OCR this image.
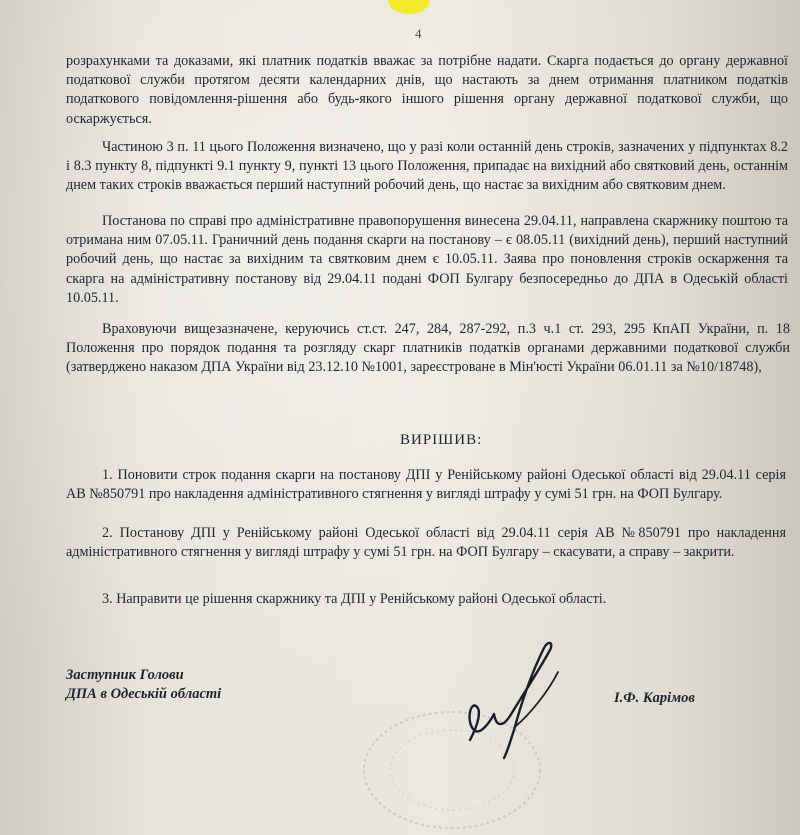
4

розрахунками та доказами, які платник податків вважає за потрібне надати. Скарга подається до органу державної податкової служби протягом десяти календарних днів, що настають за днем отримання платником податків податкового повідомлення-рішення або будь-якого іншого рішення органу державної податкової служби, що оскаржується.

Частиною 3 п. 11 цього Положення визначено, що у разі коли останній день строків, зазначених у підпунктах 8.2 і 8.3 пункту 8, підпункті 9.1 пункту 9, пункті 13 цього Положення, припадає на вихідний або святковий день, останнім днем таких строків вважається перший наступний робочий день, що настає за вихідним або святковим днем.

Постанова по справі про адміністративне правопорушення винесена 29.04.11, направлена скаржнику поштою та отримана ним 07.05.11. Граничний день подання скарги на постанову – є 08.05.11 (вихідний день), перший наступний робочий день, що настає за вихідним та святковим днем є 10.05.11. Заява про поновлення строків оскарження та скарга на адміністративну постанову від 29.04.11 подані ФОП Булгару безпосередньо до ДПА в Одеській області 10.05.11.

Враховуючи вищезазначене, керуючись ст.ст. 247, 284, 287-292, п.3 ч.1 ст. 293, 295 КпАП України, п. 18 Положення про порядок подання та розгляду скарг платників податків органами державними податкової служби (затверджено наказом ДПА України від 23.12.10 №1001, зареєстроване в Мін'юсті України 06.01.11 за №10/18748),

ВИРІШИВ:

1. Поновити строк подання скарги на постанову ДПІ у Ренійському районі Одеської області від 29.04.11 серія АВ №850791 про накладення адміністративного стягнення у вигляді штрафу у сумі 51 грн. на ФОП Булгару.

2. Постанову ДПІ у Ренійському районі Одеської області від 29.04.11 серія АВ №850791 про накладення адміністративного стягнення у вигляді штрафу у сумі 51 грн. на ФОП Булгару – скасувати, а справу – закрити.

3. Направити це рішення скаржнику та ДПІ у Ренійському районі Одеської області.

Заступник Голови
ДПА в Одеській області	І.Ф. Карімов
